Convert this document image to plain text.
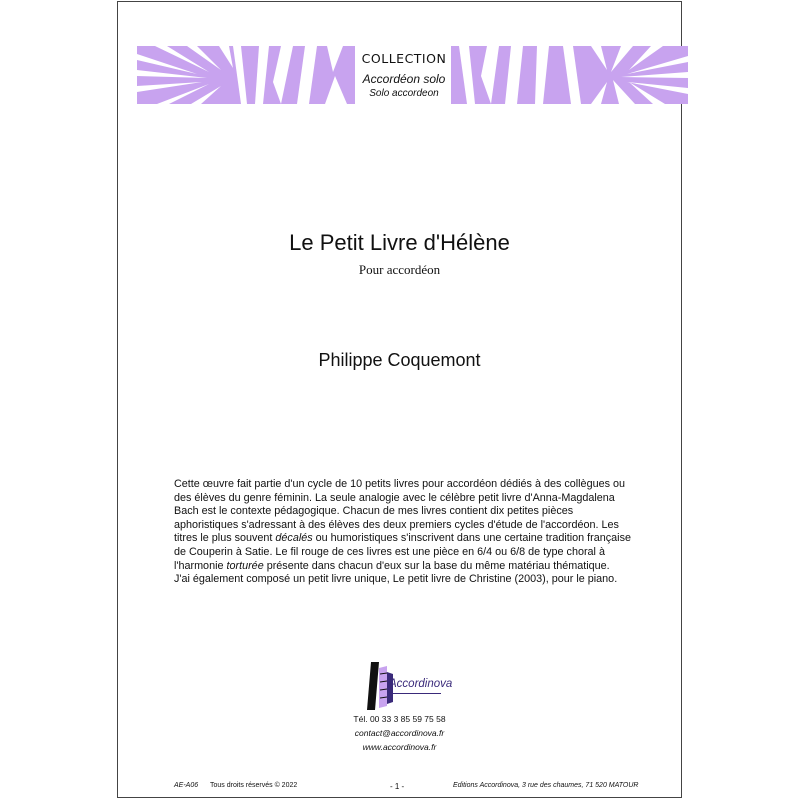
COLLECTION
Accordéon solo
Solo accordeon
Le Petit Livre d'Hélène
Pour accordéon
Philippe Coquemont

Cette œuvre fait partie d'un cycle de 10 petits livres pour accordéon dédiés à des collègues ou des élèves du genre féminin. La seule analogie avec le célèbre petit livre d'Anna-Magdalena Bach est le contexte pédagogique. Chacun de mes livres contient dix petites pièces aphoristiques s'adressant à des élèves des deux premiers cycles d'étude de l'accordéon. Les titres le plus souvent décalés ou humoristiques s'inscrivent dans une certaine tradition française de Couperin à Satie. Le fil rouge de ces livres est une pièce en 6/4 ou 6/8 de type choral à l'harmonie torturée présente dans chacun d'eux sur la base du même matériau thématique.

J'ai également composé un petit livre unique, Le petit livre de Christine (2003), pour le piano.

Accordinova
Tél. 00 33 3 85 59 75 58
contact@accordinova.fr
www.accordinova.fr
AE-A06 Tous droits réservés © 2022	- 1 -	Editions Accordinova, 3 rue des chaumes, 71 520 MATOUR
